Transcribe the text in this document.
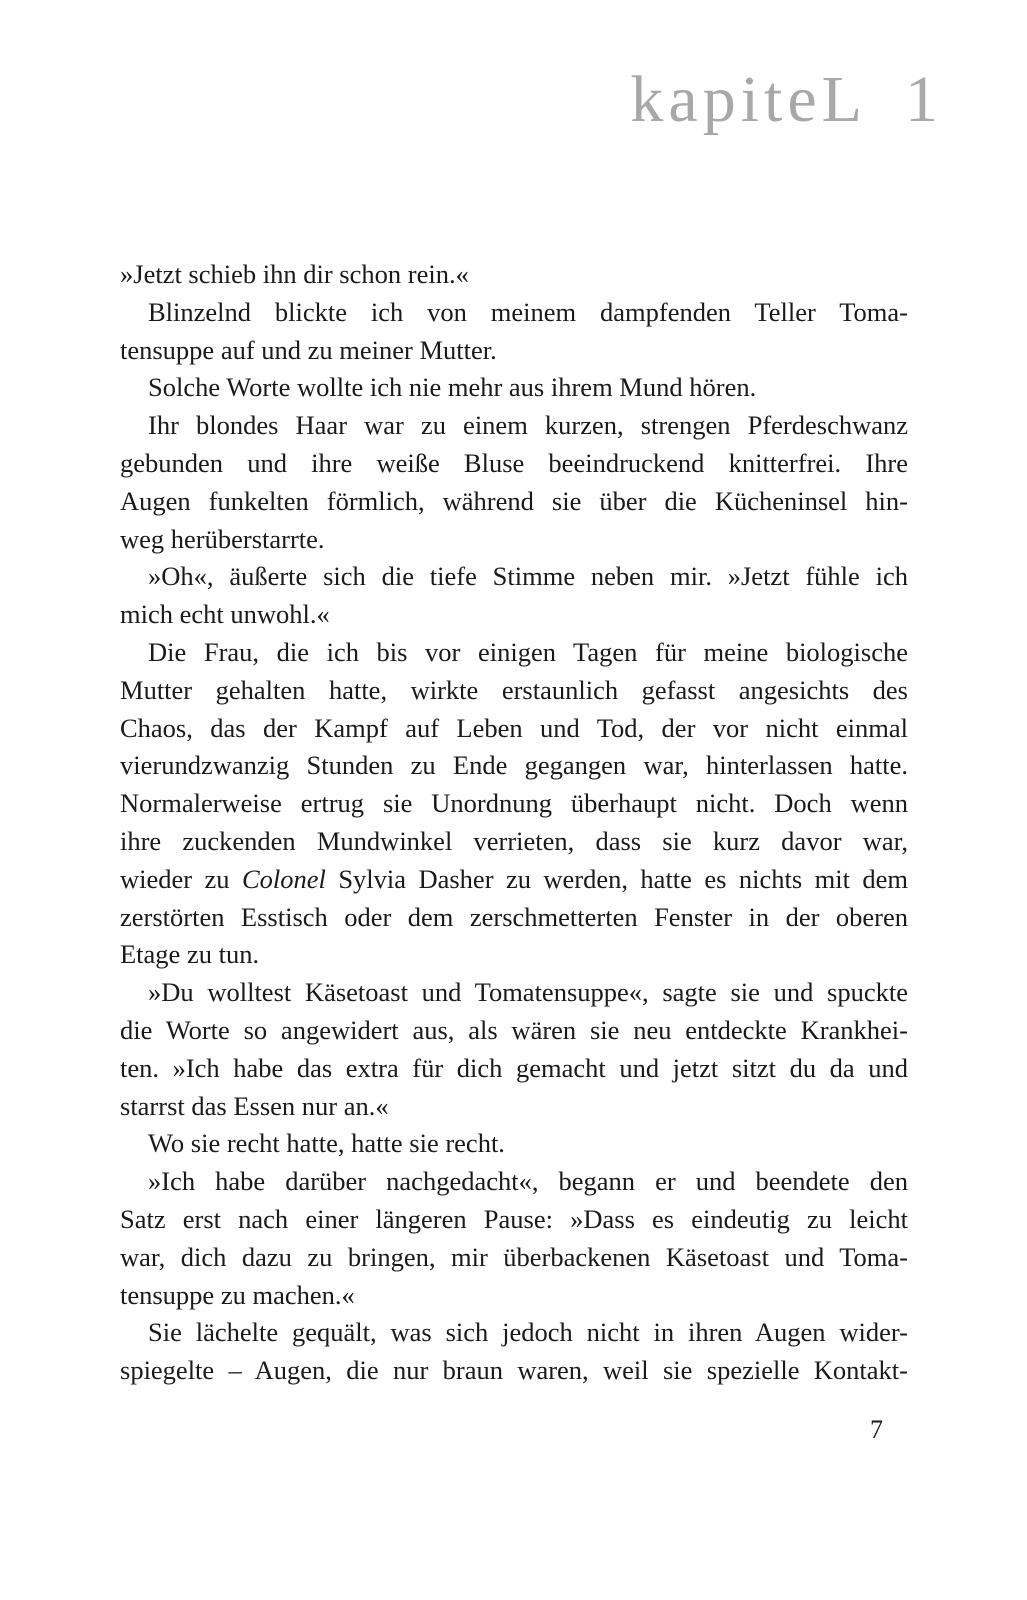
kapiteL 1
»Jetzt schieb ihn dir schon rein.«
Blinzelnd blickte ich von meinem dampfenden Teller Toma-
tensuppe auf und zu meiner Mutter.
Solche Worte wollte ich nie mehr aus ihrem Mund hören.
Ihr blondes Haar war zu einem kurzen, strengen Pferdeschwanz
gebunden und ihre weiße Bluse beeindruckend knitterfrei. Ihre
Augen funkelten förmlich, während sie über die Kücheninsel hin-
weg herüberstarrte.
»Oh«, äußerte sich die tiefe Stimme neben mir. »Jetzt fühle ich
mich echt unwohl.«
Die Frau, die ich bis vor einigen Tagen für meine biologische
Mutter gehalten hatte, wirkte erstaunlich gefasst angesichts des
Chaos, das der Kampf auf Leben und Tod, der vor nicht einmal
vierundzwanzig Stunden zu Ende gegangen war, hinterlassen hatte.
Normalerweise ertrug sie Unordnung überhaupt nicht. Doch wenn
ihre zuckenden Mundwinkel verrieten, dass sie kurz davor war,
wieder zu Colonel Sylvia Dasher zu werden, hatte es nichts mit dem
zerstörten Esstisch oder dem zerschmetterten Fenster in der oberen
Etage zu tun.
»Du wolltest Käsetoast und Tomatensuppe«, sagte sie und spuckte
die Worte so angewidert aus, als wären sie neu entdeckte Krankhei-
ten. »Ich habe das extra für dich gemacht und jetzt sitzt du da und
starrst das Essen nur an.«
Wo sie recht hatte, hatte sie recht.
»Ich habe darüber nachgedacht«, begann er und beendete den
Satz erst nach einer längeren Pause: »Dass es eindeutig zu leicht
war, dich dazu zu bringen, mir überbackenen Käsetoast und Toma-
tensuppe zu machen.«
Sie lächelte gequält, was sich jedoch nicht in ihren Augen wider-
spiegelte – Augen, die nur braun waren, weil sie spezielle Kontakt-
7
